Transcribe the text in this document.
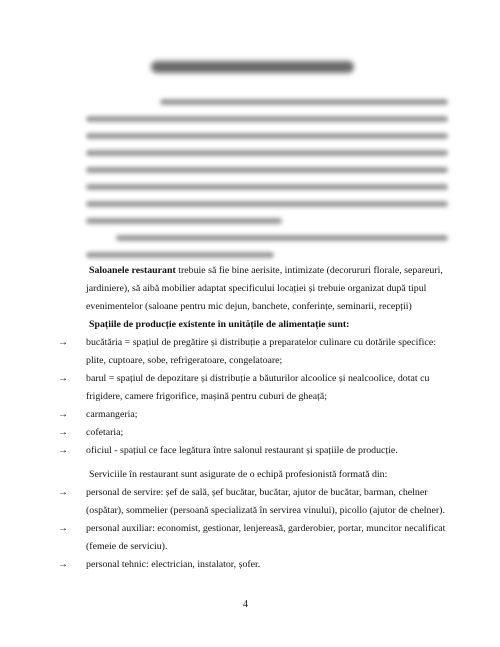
Saloanele restaurant trebuie să fie bine aerisite, intimizate (decorururi florale, separeuri,
jardiniere), să aibă mobilier adaptat specificului locației și trebuie organizat după tipul
evenimentelor (saloane pentru mic dejun, banchete, conferințe, seminarii, recepții)
Spațiile de producție existente în unitățile de alimentație sunt:
→ bucătăria = spațiul de pregătire și distribuție a preparatelor culinare cu dotările specifice:
plite, cuptoare, sobe, refrigeratoare, congelatoare;
→ barul = spațiul de depozitare și distribuție a băuturilor alcoolice și nealcoolice, dotat cu
frigidere, camere frigorifice, mașină pentru cuburi de gheață;
→ carmangeria;
→ cofetaria;
→ oficiul - spațiul ce face legătura între salonul restaurant și spațiile de producție.
Serviciile în restaurant sunt asigurate de o echipă profesionistă formată din:
→ personal de servire: șef de sală, șef bucătar, bucătar, ajutor de bucătar, barman, chelner
(ospătar), sommelier (persoană specializată în servirea vinului), picollo (ajutor de chelner).
→ personal auxiliar: economist, gestionar, lenjereasă, garderobier, portar, muncitor necalificat
(femeie de serviciu).
→ personal tehnic: electrician, instalator, șofer.
4
